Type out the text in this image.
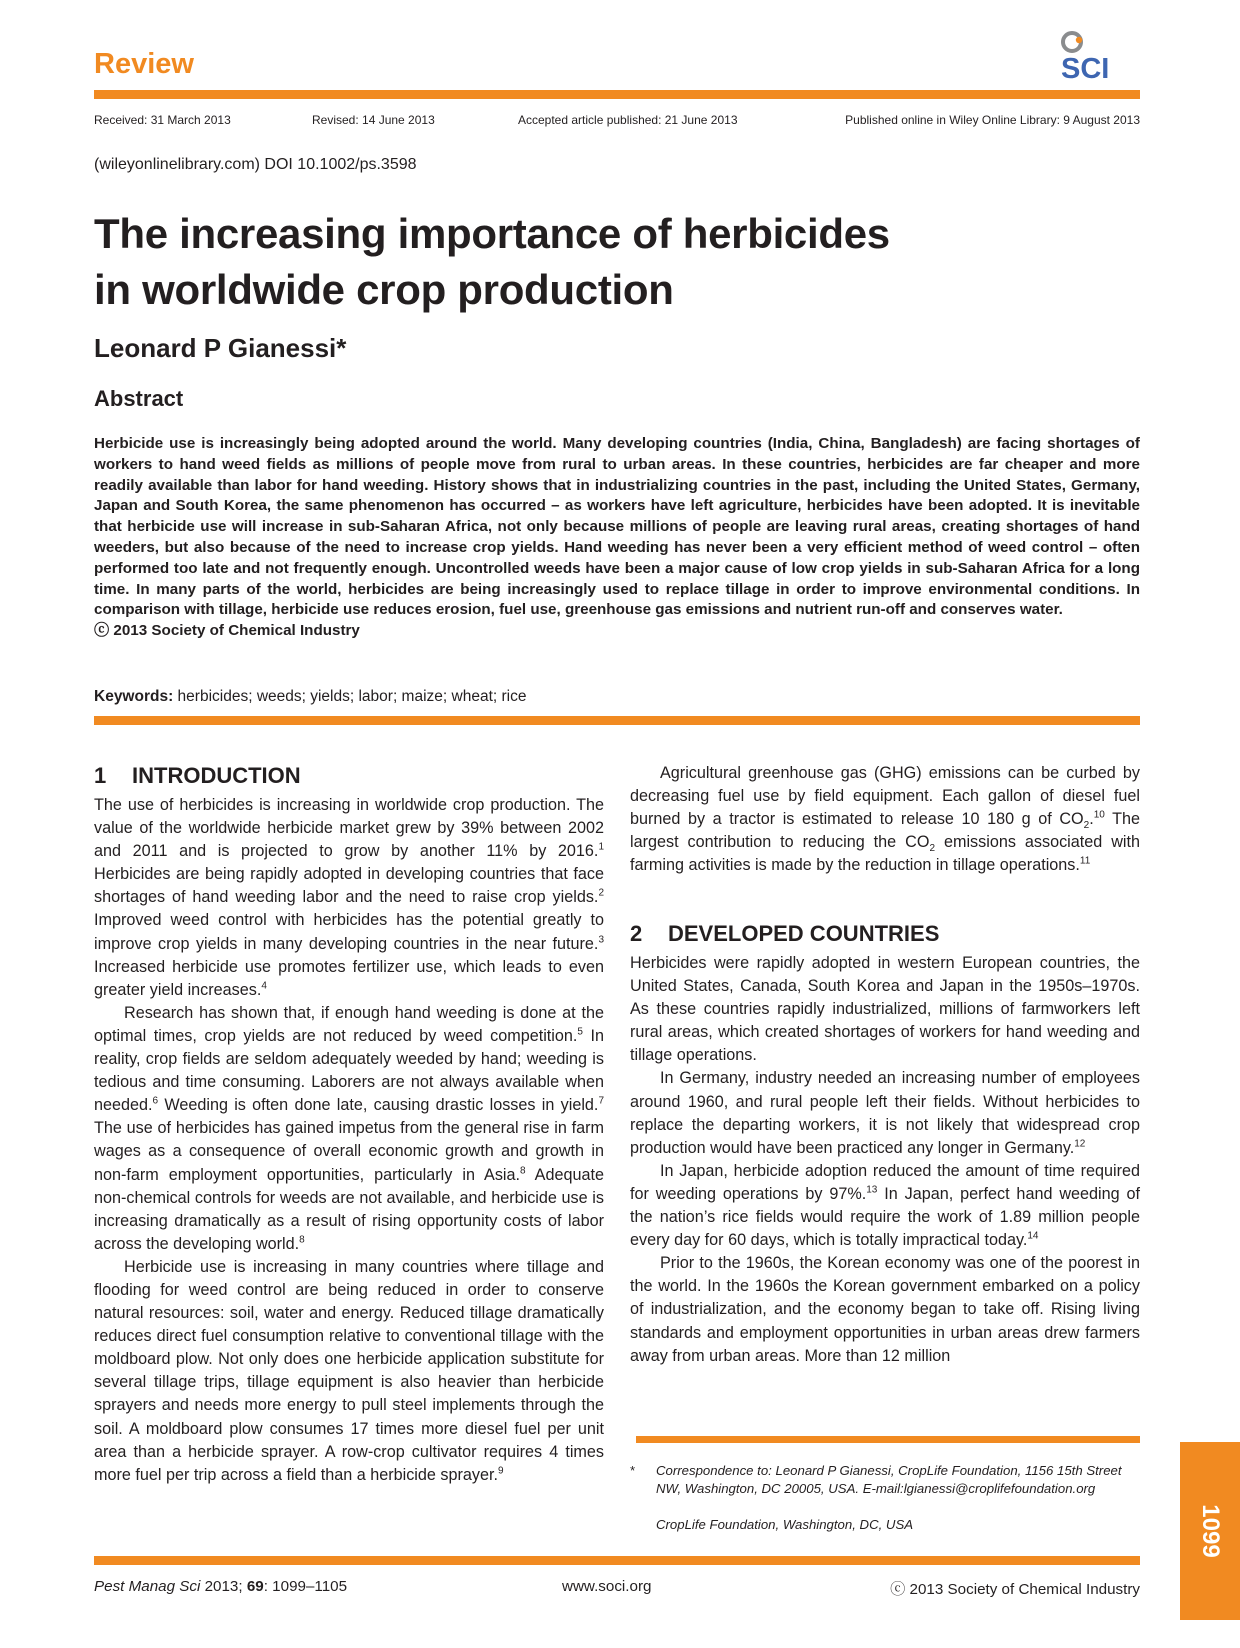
Review	SCI
Received: 31 March 2013	Revised: 14 June 2013	Accepted article published: 21 June 2013	Published online in Wiley Online Library: 9 August 2013
(wileyonlinelibrary.com) DOI 10.1002/ps.3598
The increasing importance of herbicides
in worldwide crop production
Leonard P Gianessi*
Abstract

Herbicide use is increasingly being adopted around the world. Many developing countries (India, China, Bangladesh) are facing shortages of workers to hand weed fields as millions of people move from rural to urban areas. In these countries, herbicides are far cheaper and more readily available than labor for hand weeding. History shows that in industrializing countries in the past, including the United States, Germany, Japan and South Korea, the same phenomenon has occurred – as workers have left agriculture, herbicides have been adopted. It is inevitable that herbicide use will increase in sub-Saharan Africa, not only because millions of people are leaving rural areas, creating shortages of hand weeders, but also because of the need to increase crop yields. Hand weeding has never been a very efficient method of weed control – often performed too late and not frequently enough. Uncontrolled weeds have been a major cause of low crop yields in sub-Saharan Africa for a long time. In many parts of the world, herbicides are being increasingly used to replace tillage in order to improve environmental conditions. In comparison with tillage, herbicide use reduces erosion, fuel use, greenhouse gas emissions and nutrient run-off and conserves water.
ⓒ 2013 Society of Chemical Industry

Keywords: herbicides; weeds; yields; labor; maize; wheat; rice
1 INTRODUCTION

The use of herbicides is increasing in worldwide crop production. The value of the worldwide herbicide market grew by 39% between 2002 and 2011 and is projected to grow by another 11% by 2016.$^1$ Herbicides are being rapidly adopted in developing countries that face shortages of hand weeding labor and the need to raise crop yields.$^2$ Improved weed control with herbicides has the potential greatly to improve crop yields in many developing countries in the near future.$^3$ Increased herbicide use promotes fertilizer use, which leads to even greater yield increases.$^4$

Research has shown that, if enough hand weeding is done at the optimal times, crop yields are not reduced by weed competition.$^5$ In reality, crop fields are seldom adequately weeded by hand; weeding is tedious and time consuming. Laborers are not always available when needed.$^6$ Weeding is often done late, causing drastic losses in yield.$^7$ The use of herbicides has gained impetus from the general rise in farm wages as a consequence of overall economic growth and growth in non-farm employment opportunities, particularly in Asia.$^8$ Adequate non-chemical controls for weeds are not available, and herbicide use is increasing dramatically as a result of rising opportunity costs of labor across the developing world.$^8$

Herbicide use is increasing in many countries where tillage and flooding for weed control are being reduced in order to conserve natural resources: soil, water and energy. Reduced tillage dramatically reduces direct fuel consumption relative to conventional tillage with the moldboard plow. Not only does one herbicide application substitute for several tillage trips, tillage equipment is also heavier than herbicide sprayers and needs more energy to pull steel implements through the soil. A moldboard plow consumes 17 times more diesel fuel per unit area than a herbicide sprayer. A row-crop cultivator requires 4 times more fuel per trip across a field than a herbicide sprayer.$^9$

Agricultural greenhouse gas (GHG) emissions can be curbed by decreasing fuel use by field equipment. Each gallon of diesel fuel burned by a tractor is estimated to release 10 180 g of $CO_2.^{10}$ The largest contribution to reducing the $CO_2$ emissions associated with farming activities is made by the reduction in tillage operations.$^{11}$

2 DEVELOPED COUNTRIES

Herbicides were rapidly adopted in western European countries, the United States, Canada, South Korea and Japan in the 1950s–1970s. As these countries rapidly industrialized, millions of farmworkers left rural areas, which created shortages of workers for hand weeding and tillage operations.

In Germany, industry needed an increasing number of employees around 1960, and rural people left their fields. Without herbicides to replace the departing workers, it is not likely that widespread crop production would have been practiced any longer in Germany.$^{12}$

In Japan, herbicide adoption reduced the amount of time required for weeding operations by 97%.$^{13}$ In Japan, perfect hand weeding of the nation’s rice fields would require the work of 1.89 million people every day for 60 days, which is totally impractical today.$^{14}$

Prior to the 1960s, the Korean economy was one of the poorest in the world. In the 1960s the Korean government embarked on a policy of industrialization, and the economy began to take off. Rising living standards and employment opportunities in urban areas drew farmers away from urban areas. More than 12 million

*	Correspondence to: Leonard P Gianessi, CropLife Foundation, 1156 15th Street NW, Washington, DC 20005, USA. E-mail:lgianessi@croplifefoundation.org
CropLife Foundation, Washington, DC, USA	1099
Pest Manag Sci 2013; 69: 1099–1105	www.soci.org	ⓒ 2013 Society of Chemical Industry
